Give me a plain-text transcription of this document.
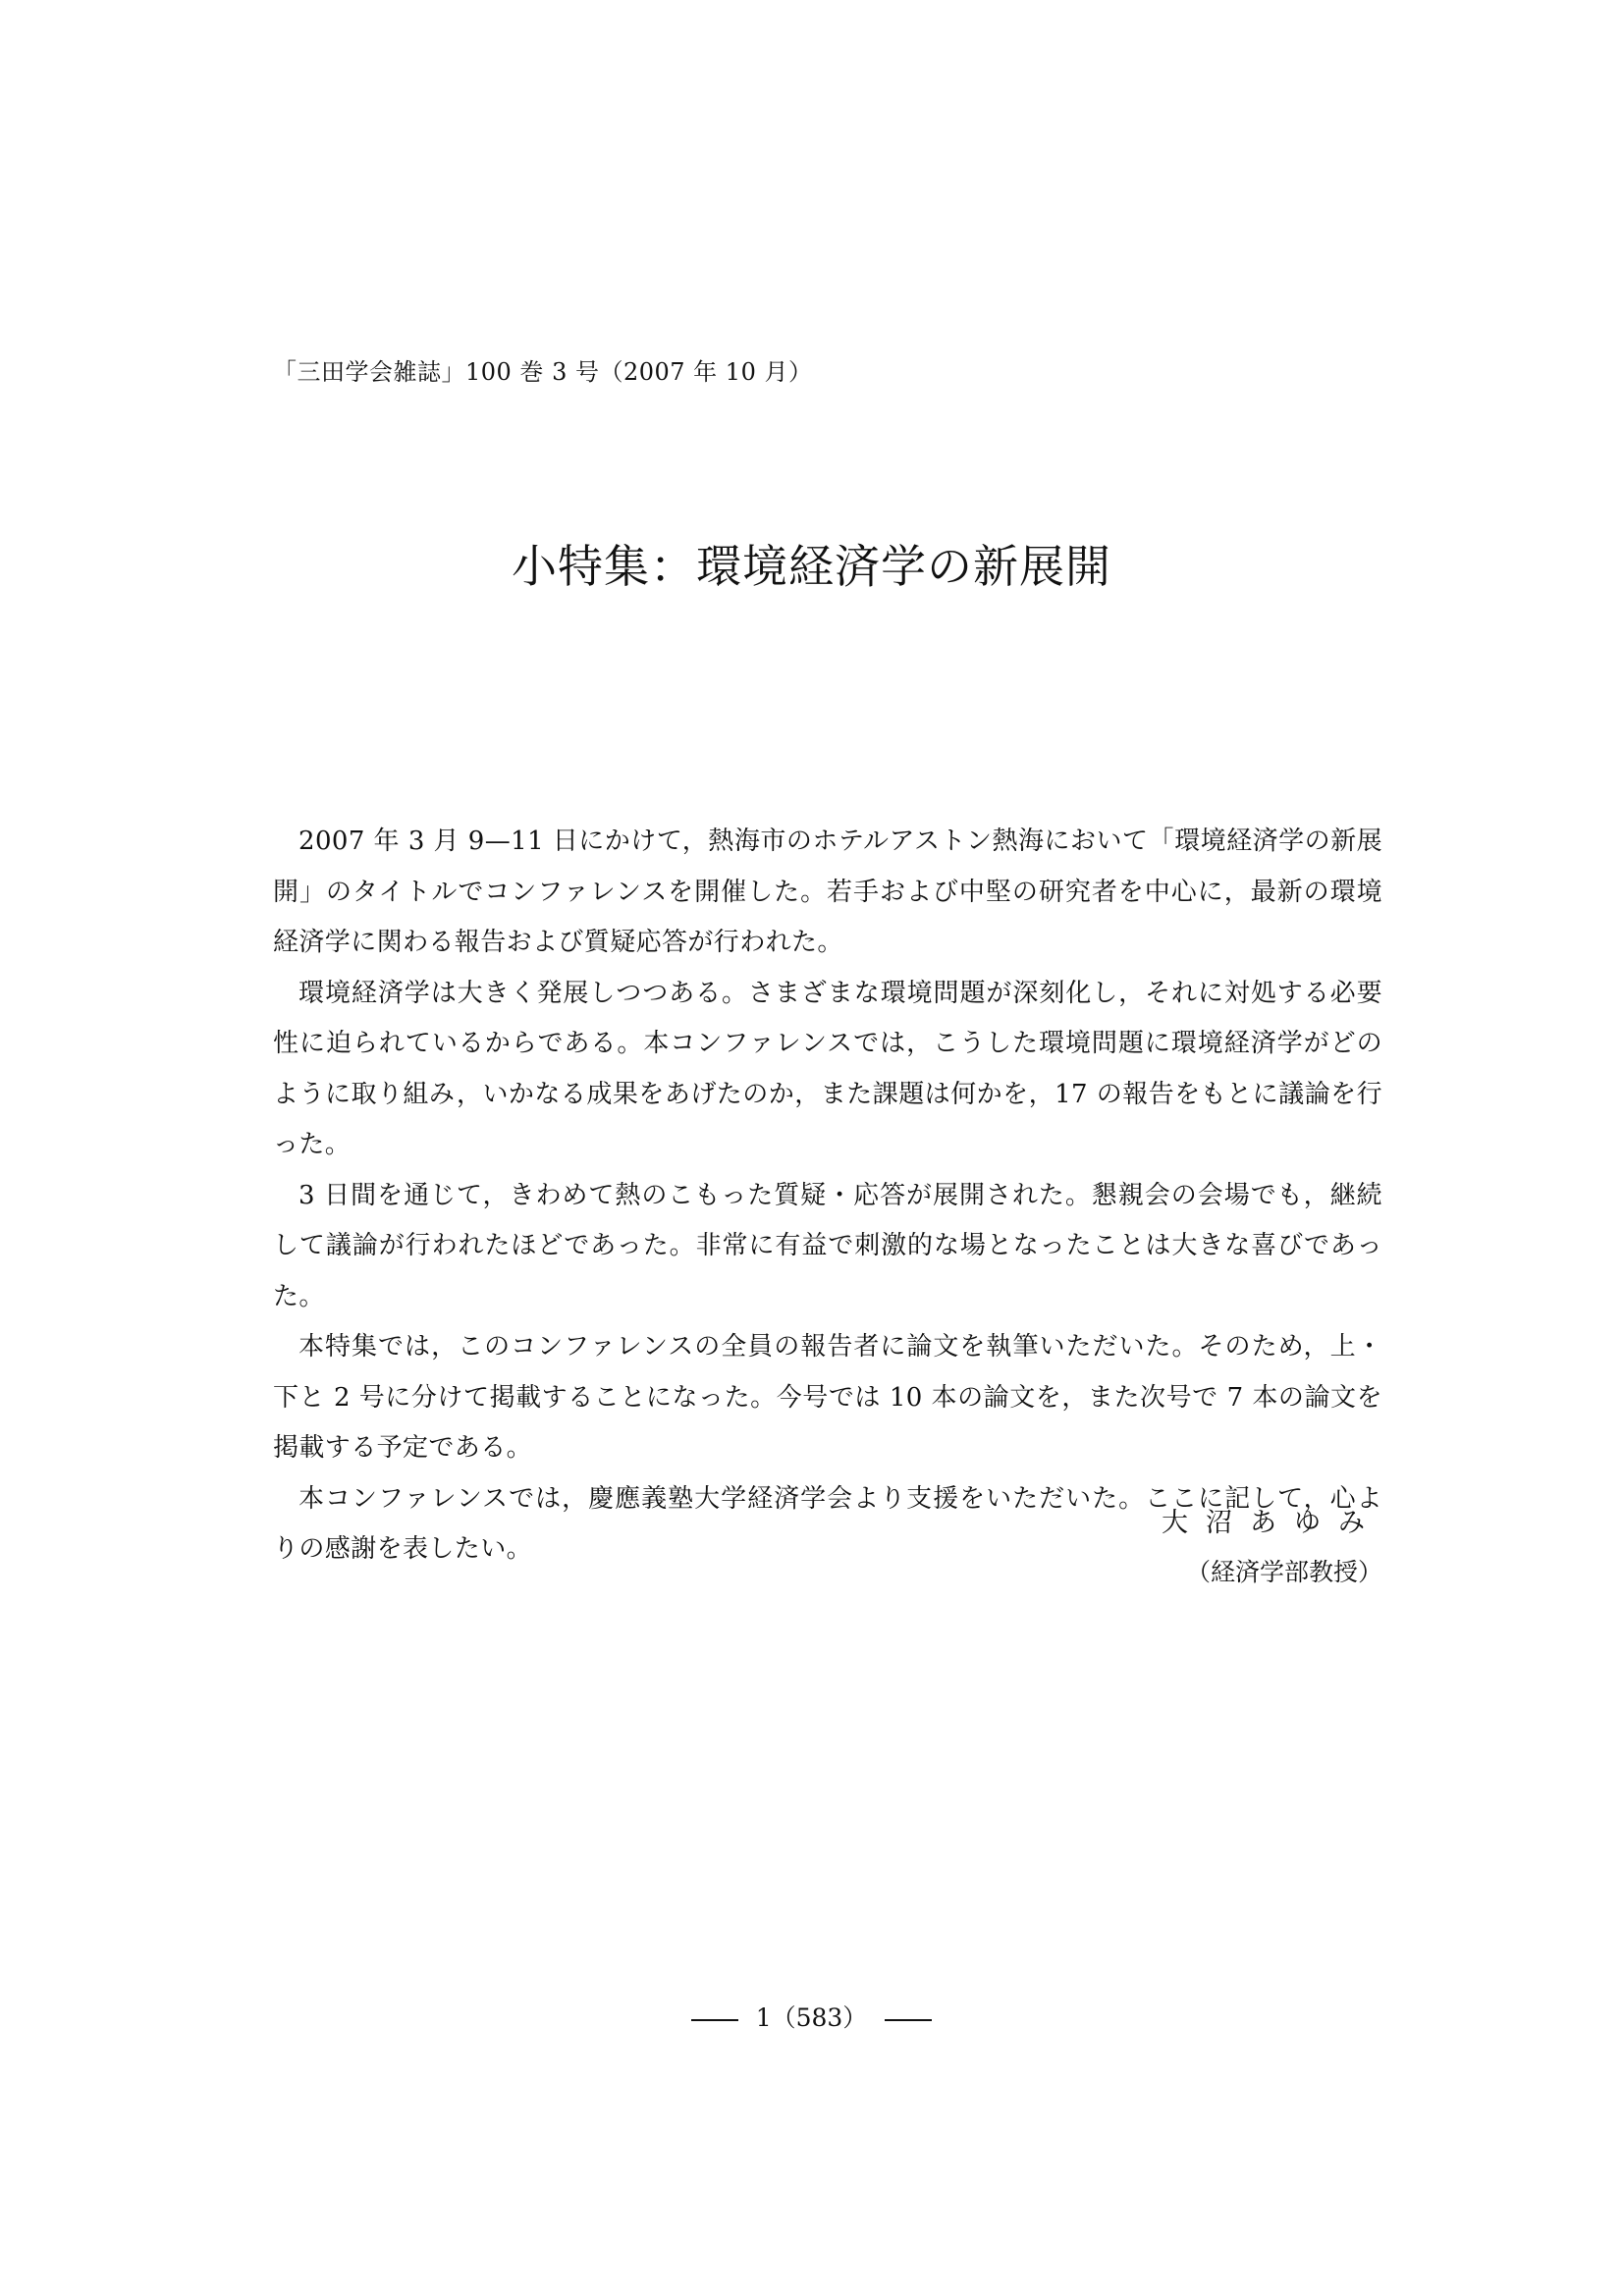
「三田学会雑誌」100 巻 3 号（2007 年 10 月）
小特集：環境経済学の新展開

2007 年 3 月 9—11 日にかけて，熱海市のホテルアストン熱海において「環境経済学の新展開」のタイトルでコンファレンスを開催した。若手および中堅の研究者を中心に，最新の環境経済学に関わる報告および質疑応答が行われた。

環境経済学は大きく発展しつつある。さまざまな環境問題が深刻化し，それに対処する必要性に迫られているからである。本コンファレンスでは，こうした環境問題に環境経済学がどのように取り組み，いかなる成果をあげたのか，また課題は何かを，17 の報告をもとに議論を行った。

3 日間を通じて，きわめて熱のこもった質疑・応答が展開された。懇親会の会場でも，継続して議論が行われたほどであった。非常に有益で刺激的な場となったことは大きな喜びであった。

本特集では，このコンファレンスの全員の報告者に論文を執筆いただいた。そのため，上・下と 2 号に分けて掲載することになった。今号では 10 本の論文を，また次号で 7 本の論文を掲載する予定である。

本コンファレンスでは，慶應義塾大学経済学会より支援をいただいた。ここに記して，心よりの感謝を表したい。

大沼あゆみ
（経済学部教授）
1（583）
